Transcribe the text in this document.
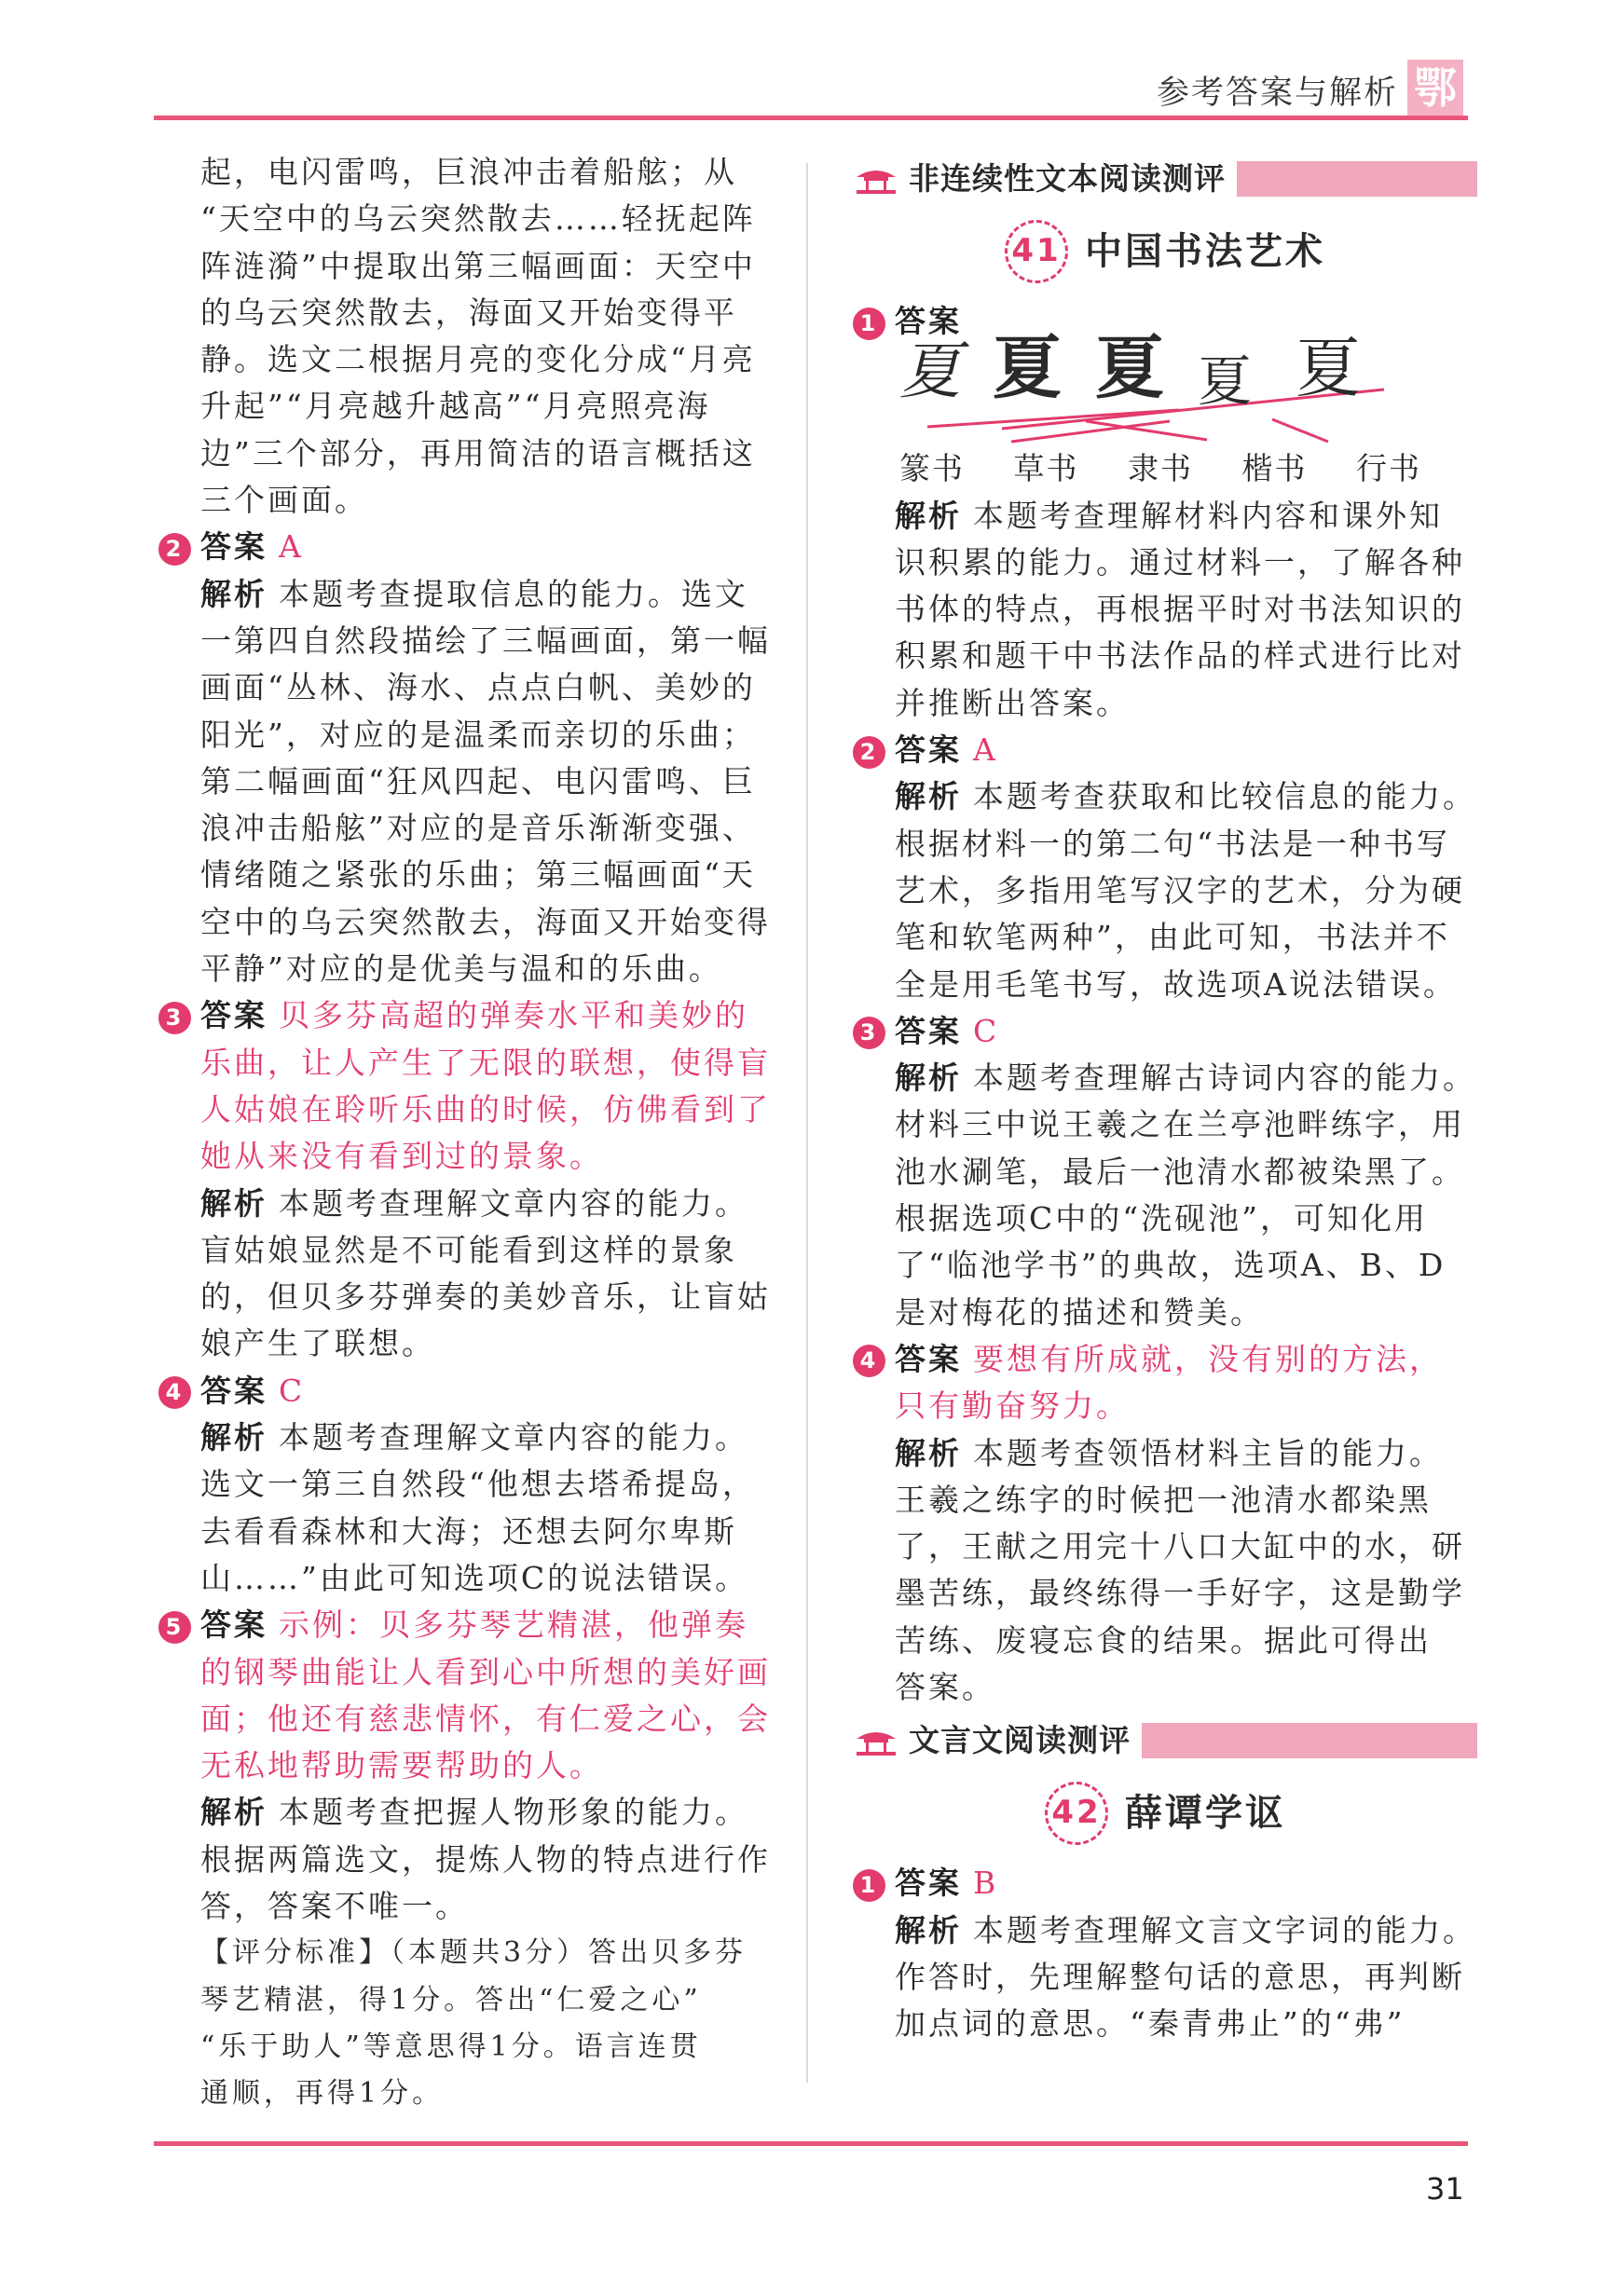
参考答案与解析 鄂

起，电闪雷鸣，巨浪冲击着船舷；从

“天空中的乌云突然散去……轻抚起阵

阵涟漪”中提取出第三幅画面：天空中

的乌云突然散去，海面又开始变得平

静。选文二根据月亮的变化分成“月亮

升起”“月亮越升越高”“月亮照亮海

边”三个部分，再用简洁的语言概括这

三个画面。

2 答案 A

解析 本题考查提取信息的能力。选文

一第四自然段描绘了三幅画面，第一幅

画面“丛林、海水、点点白帆、美妙的

阳光”，对应的是温柔而亲切的乐曲；

第二幅画面“狂风四起、电闪雷鸣、巨

浪冲击船舷”对应的是音乐渐渐变强、

情绪随之紧张的乐曲；第三幅画面“天

空中的乌云突然散去，海面又开始变得

平静”对应的是优美与温和的乐曲。

3 答案 贝多芬高超的弹奏水平和美妙的

乐曲，让人产生了无限的联想，使得盲

人姑娘在聆听乐曲的时候，仿佛看到了

她从来没有看到过的景象。

解析 本题考查理解文章内容的能力。

盲姑娘显然是不可能看到这样的景象

的，但贝多芬弹奏的美妙音乐，让盲姑

娘产生了联想。

4 答案 C

解析 本题考查理解文章内容的能力。

选文一第三自然段“他想去塔希提岛，

去看看森林和大海；还想去阿尔卑斯

山……”由此可知选项C的说法错误。

5 答案 示例：贝多芬琴艺精湛，他弹奏

的钢琴曲能让人看到心中所想的美好画

面；他还有慈悲情怀，有仁爱之心，会

无私地帮助需要帮助的人。

解析 本题考查把握人物形象的能力。

根据两篇选文，提炼人物的特点进行作

答，答案不唯一。

【评分标准】（本题共3分）答出贝多芬

琴艺精湛，得1分。答出“仁爱之心”

“乐于助人”等意思得1分。语言连贯

通顺，再得1分。

非连续性文本阅读测评
41 中国书法艺术

1 答案

夏 夏 夏 夏 夏
篆书 草书 隶书 楷书 行书

解析 本题考查理解材料内容和课外知

识积累的能力。通过材料一，了解各种

书体的特点，再根据平时对书法知识的

积累和题干中书法作品的样式进行比对

并推断出答案。

2 答案 A

解析 本题考查获取和比较信息的能力。

根据材料一的第二句“书法是一种书写

艺术，多指用笔写汉字的艺术，分为硬

笔和软笔两种”，由此可知，书法并不

全是用毛笔书写，故选项A说法错误。

3 答案 C

解析 本题考查理解古诗词内容的能力。

材料三中说王羲之在兰亭池畔练字，用

池水涮笔，最后一池清水都被染黑了。

根据选项C中的“洗砚池”，可知化用

了“临池学书”的典故，选项A、B、D

是对梅花的描述和赞美。

4 答案 要想有所成就，没有别的方法，

只有勤奋努力。

解析 本题考查领悟材料主旨的能力。

王羲之练字的时候把一池清水都染黑

了，王献之用完十八口大缸中的水，研

墨苦练，最终练得一手好字，这是勤学

苦练、废寝忘食的结果。据此可得出

答案。

文言文阅读测评
42 薛谭学讴

1 答案 B

解析 本题考查理解文言文字词的能力。

作答时，先理解整句话的意思，再判断

加点词的意思。“秦青弗止”的“弗”

31
